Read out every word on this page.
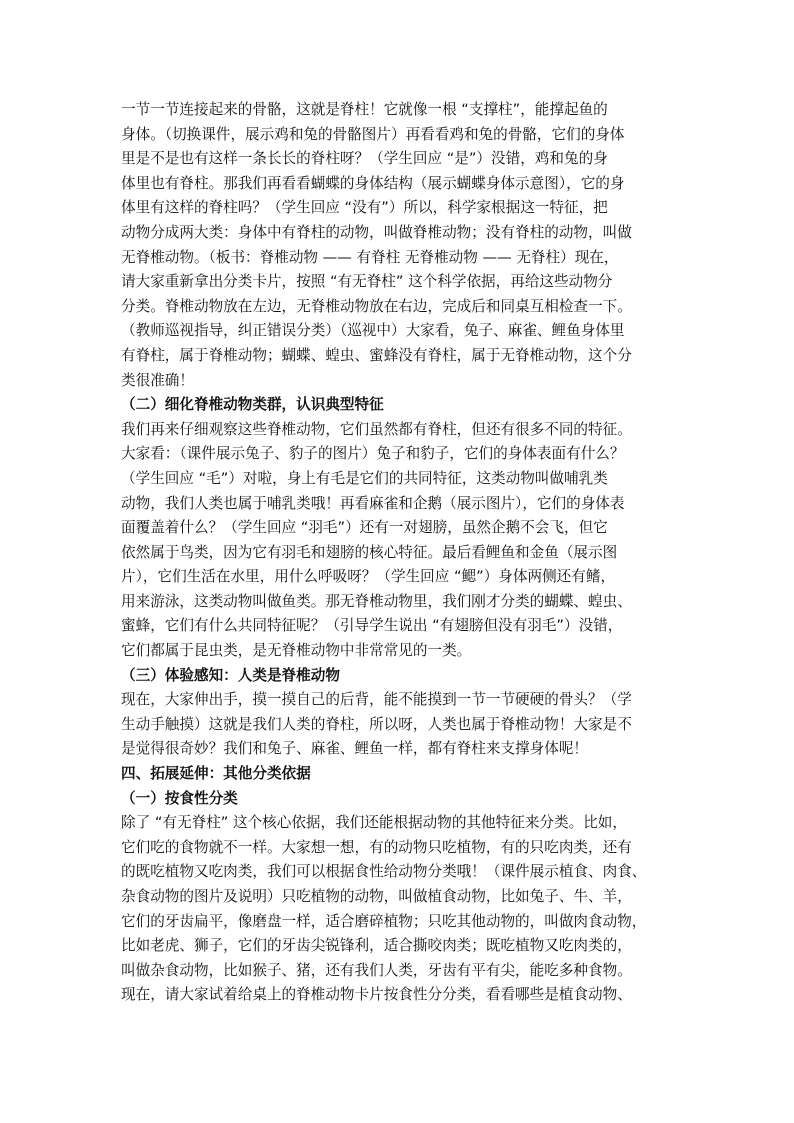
一节一节连接起来的骨骼，这就是脊柱！它就像一根 “支撑柱”，能撑起鱼的
身体。（切换课件，展示鸡和兔的骨骼图片）再看看鸡和兔的骨骼，它们的身体
里是不是也有这样一条长长的脊柱呀？（学生回应 “是”）没错，鸡和兔的身
体里也有脊柱。那我们再看看蝴蝶的身体结构（展示蝴蝶身体示意图），它的身
体里有这样的脊柱吗？（学生回应 “没有”）所以，科学家根据这一特征，把
动物分成两大类：身体中有脊柱的动物，叫做脊椎动物；没有脊柱的动物，叫做
无脊椎动物。（板书：脊椎动物 —— 有脊柱 无脊椎动物 —— 无脊柱）现在，
请大家重新拿出分类卡片，按照 “有无脊柱” 这个科学依据，再给这些动物分
分类。脊椎动物放在左边，无脊椎动物放在右边，完成后和同桌互相检查一下。
（教师巡视指导，纠正错误分类）（巡视中）大家看，兔子、麻雀、鲤鱼身体里
有脊柱，属于脊椎动物；蝴蝶、蝗虫、蜜蜂没有脊柱，属于无脊椎动物，这个分
类很准确！
（二）细化脊椎动物类群，认识典型特征
我们再来仔细观察这些脊椎动物，它们虽然都有脊柱，但还有很多不同的特征。
大家看：（课件展示兔子、豹子的图片）兔子和豹子，它们的身体表面有什么？
（学生回应 “毛”）对啦，身上有毛是它们的共同特征，这类动物叫做哺乳类
动物，我们人类也属于哺乳类哦！再看麻雀和企鹅（展示图片），它们的身体表
面覆盖着什么？（学生回应 “羽毛”）还有一对翅膀，虽然企鹅不会飞，但它
依然属于鸟类，因为它有羽毛和翅膀的核心特征。最后看鲤鱼和金鱼（展示图
片），它们生活在水里，用什么呼吸呀？（学生回应 “鳃”）身体两侧还有鳍，
用来游泳，这类动物叫做鱼类。那无脊椎动物里，我们刚才分类的蝴蝶、蝗虫、
蜜蜂，它们有什么共同特征呢？（引导学生说出 “有翅膀但没有羽毛”）没错，
它们都属于昆虫类，是无脊椎动物中非常常见的一类。
（三）体验感知：人类是脊椎动物
现在，大家伸出手，摸一摸自己的后背，能不能摸到一节一节硬硬的骨头？（学
生动手触摸）这就是我们人类的脊柱，所以呀，人类也属于脊椎动物！大家是不
是觉得很奇妙？我们和兔子、麻雀、鲤鱼一样，都有脊柱来支撑身体呢！
四、拓展延伸：其他分类依据
（一）按食性分类
除了 “有无脊柱” 这个核心依据，我们还能根据动物的其他特征来分类。比如，
它们吃的食物就不一样。大家想一想，有的动物只吃植物，有的只吃肉类，还有
的既吃植物又吃肉类，我们可以根据食性给动物分类哦！（课件展示植食、肉食、
杂食动物的图片及说明）只吃植物的动物，叫做植食动物，比如兔子、牛、羊，
它们的牙齿扁平，像磨盘一样，适合磨碎植物；只吃其他动物的，叫做肉食动物，
比如老虎、狮子，它们的牙齿尖锐锋利，适合撕咬肉类；既吃植物又吃肉类的，
叫做杂食动物，比如猴子、猪，还有我们人类，牙齿有平有尖，能吃多种食物。
现在，请大家试着给桌上的脊椎动物卡片按食性分分类，看看哪些是植食动物、
